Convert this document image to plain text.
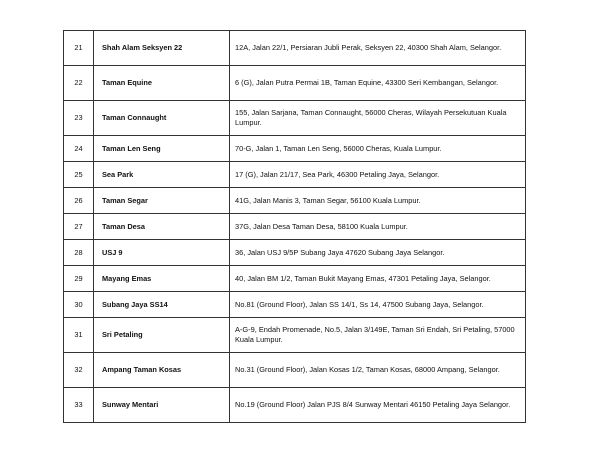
21	Shah Alam Seksyen 22	12A, Jalan 22/1, Persiaran Jubli Perak, Seksyen 22, 40300 Shah Alam, Selangor.
22	Taman Equine	6 (G), Jalan Putra Permai 1B, Taman Equine, 43300 Seri Kembangan, Selangor.
23	Taman Connaught	155, Jalan Sarjana, Taman Connaught, 56000 Cheras, Wilayah Persekutuan Kuala Lumpur.
24	Taman Len Seng	70-G, Jalan 1, Taman Len Seng, 56000 Cheras, Kuala Lumpur.
25	Sea Park	17 (G), Jalan 21/17, Sea Park, 46300 Petaling Jaya, Selangor.
26	Taman Segar	41G, Jalan Manis 3, Taman Segar, 56100 Kuala Lumpur.
27	Taman Desa	37G, Jalan Desa Taman Desa, 58100 Kuala Lumpur.
28	USJ 9	36, Jalan USJ 9/5P Subang Jaya 47620 Subang Jaya Selangor.
29	Mayang Emas	40, Jalan BM 1/2, Taman Bukit Mayang Emas, 47301 Petaling Jaya, Selangor.
30	Subang Jaya SS14	No.81 (Ground Floor), Jalan SS 14/1, Ss 14, 47500 Subang Jaya, Selangor.
31	Sri Petaling	A-G-9, Endah Promenade, No.5, Jalan 3/149E, Taman Sri Endah, Sri Petaling, 57000 Kuala Lumpur.
32	Ampang Taman Kosas	No.31 (Ground Floor), Jalan Kosas 1/2, Taman Kosas, 68000 Ampang, Selangor.
33	Sunway Mentari	No.19 (Ground Floor) Jalan PJS 8/4 Sunway Mentari 46150 Petaling Jaya Selangor.
